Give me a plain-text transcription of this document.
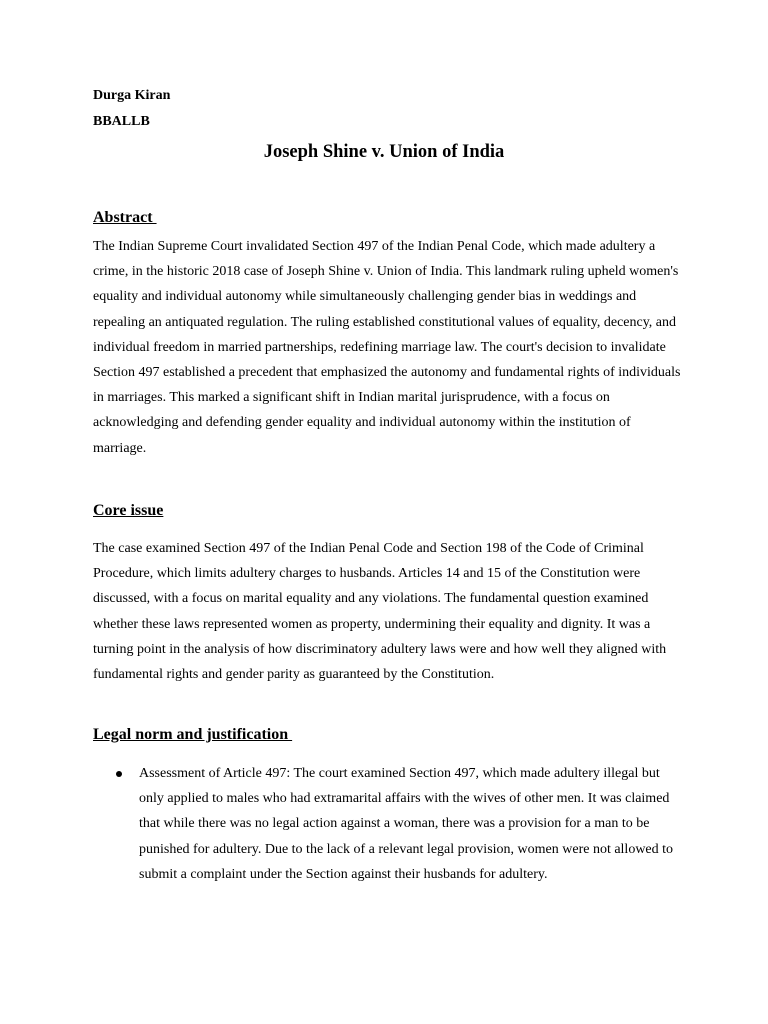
Durga Kiran

BBALLB

Joseph Shine v. Union of India
Abstract

The Indian Supreme Court invalidated Section 497 of the Indian Penal Code, which made adultery a crime, in the historic 2018 case of Joseph Shine v. Union of India. This landmark ruling upheld women's equality and individual autonomy while simultaneously challenging gender bias in weddings and repealing an antiquated regulation. The ruling established constitutional values of equality, decency, and individual freedom in married partnerships, redefining marriage law. The court's decision to invalidate Section 497 established a precedent that emphasized the autonomy and fundamental rights of individuals in marriages. This marked a significant shift in Indian marital jurisprudence, with a focus on acknowledging and defending gender equality and individual autonomy within the institution of marriage.

Core issue

The case examined Section 497 of the Indian Penal Code and Section 198 of the Code of Criminal Procedure, which limits adultery charges to husbands. Articles 14 and 15 of the Constitution were discussed, with a focus on marital equality and any violations. The fundamental question examined whether these laws represented women as property, undermining their equality and dignity. It was a turning point in the analysis of how discriminatory adultery laws were and how well they aligned with fundamental rights and gender parity as guaranteed by the Constitution.

Legal norm and justification
Assessment of Article 497: The court examined Section 497, which made adultery illegal but only applied to males who had extramarital affairs with the wives of other men. It was claimed that while there was no legal action against a woman, there was a provision for a man to be punished for adultery. Due to the lack of a relevant legal provision, women were not allowed to submit a complaint under the Section against their husbands for adultery.
